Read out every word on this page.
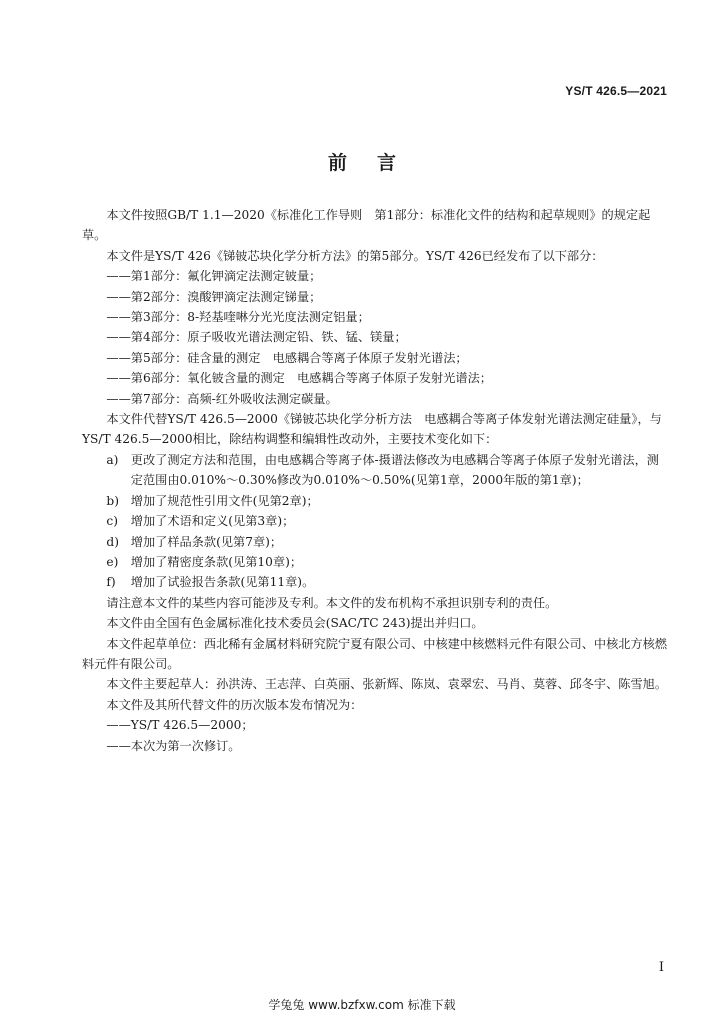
YS/T 426.5—2021
前言

本文件按照GB/T 1.1—2020《标准化工作导则　第1部分：标准化文件的结构和起草规则》的规定起草。

本文件是YS/T 426《锑铍芯块化学分析方法》的第5部分。YS/T 426已经发布了以下部分：

——第1部分：氟化钾滴定法测定铍量；

——第2部分：溴酸钾滴定法测定锑量；

——第3部分：8-羟基喹啉分光光度法测定铝量；

——第4部分：原子吸收光谱法测定铅、铁、锰、镁量；

——第5部分：硅含量的测定　电感耦合等离子体原子发射光谱法；

——第6部分：氧化铍含量的测定　电感耦合等离子体原子发射光谱法；

——第7部分：高频-红外吸收法测定碳量。

本文件代替YS/T 426.5—2000《锑铍芯块化学分析方法　电感耦合等离子体发射光谱法测定硅量》，与YS/T 426.5—2000相比，除结构调整和编辑性改动外，主要技术变化如下：

a) 更改了测定方法和范围，由电感耦合等离子体-摄谱法修改为电感耦合等离子体原子发射光谱法，测定范围由0.010%～0.30%修改为0.010%～0.50%(见第1章，2000年版的第1章)；

b) 增加了规范性引用文件(见第2章)；

c) 增加了术语和定义(见第3章)；

d) 增加了样品条款(见第7章)；

e) 增加了精密度条款(见第10章)；

f) 增加了试验报告条款(见第11章)。

请注意本文件的某些内容可能涉及专利。本文件的发布机构不承担识别专利的责任。

本文件由全国有色金属标准化技术委员会(SAC/TC 243)提出并归口。

本文件起草单位：西北稀有金属材料研究院宁夏有限公司、中核建中核燃料元件有限公司、中核北方核燃料元件有限公司。

本文件主要起草人：孙洪涛、王志萍、白英丽、张新辉、陈岚、袁翠宏、马肖、莫蓉、邱冬宇、陈雪旭。

本文件及其所代替文件的历次版本发布情况为：

——YS/T 426.5—2000；

——本次为第一次修订。

I
学兔兔 www.bzfxw.com 标准下载
